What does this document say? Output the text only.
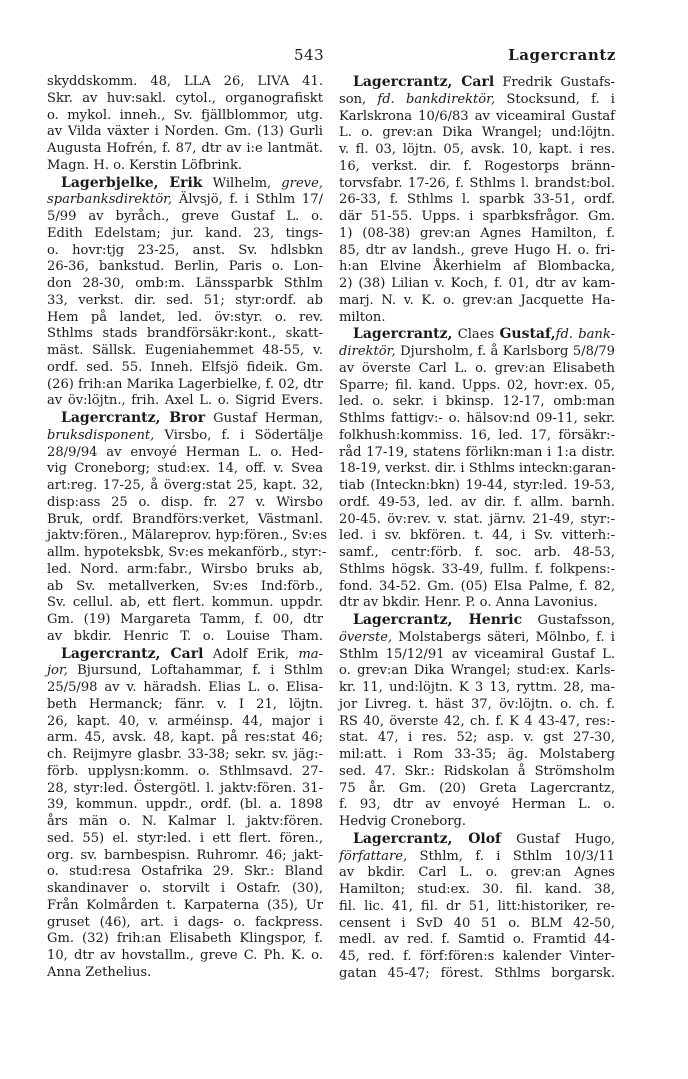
543	Lagercrantz
skyddskomm. 48, LLA 26, LIVA 41.
Skr. av huv:sakl. cytol., organografiskt
o. mykol. inneh., Sv. fjällblommor, utg.
av Vilda växter i Norden. Gm. (13) Gurli
Augusta Hofrén, f. 87, dtr av i:e lantmät.
Magn. H. o. Kerstin Löfbrink.
Lagerbjelke, Erik Wilhelm, greve,
sparbanksdirektör, Älvsjö, f. i Sthlm 17/
5/99 av byråch., greve Gustaf L. o.
Edith Edelstam; jur. kand. 23, tings-
o. hovr:tjg 23-25, anst. Sv. hdlsbkn
26-36, bankstud. Berlin, Paris o. Lon-
don 28-30, omb:m. Länssparbk Sthlm
33, verkst. dir. sed. 51; styr:ordf. ab
Hem på landet, led. öv:styr. o. rev.
Sthlms stads brandförsäkr:kont., skatt-
mäst. Sällsk. Eugeniahemmet 48-55, v.
ordf. sed. 55. Inneh. Elfsjö fideik. Gm.
(26) frih:an Marika Lagerbielke, f. 02, dtr
av öv:löjtn., frih. Axel L. o. Sigrid Evers.
Lagercrantz, Bror Gustaf Herman,
bruksdisponent, Virsbo, f. i Södertälje
28/9/94 av envoyé Herman L. o. Hed-
vig Croneborg; stud:ex. 14, off. v. Svea
art:reg. 17-25, å överg:stat 25, kapt. 32,
disp:ass 25 o. disp. fr. 27 v. Wirsbo
Bruk, ordf. Brandförs:verket, Västmanl.
jaktv:fören., Mälareprov. hyp:fören., Sv:es
allm. hypoteksbk, Sv:es mekanförb., styr:-
led. Nord. arm:fabr., Wirsbo bruks ab,
ab Sv. metallverken, Sv:es Ind:förb.,
Sv. cellul. ab, ett flert. kommun. uppdr.
Gm. (19) Margareta Tamm, f. 00, dtr
av bkdir. Henric T. o. Louise Tham.
Lagercrantz, Carl Adolf Erik, ma-
jor, Bjursund, Loftahammar, f. i Sthlm
25/5/98 av v. häradsh. Elias L. o. Elisa-
beth Hermanck; fänr. v. I 21, löjtn.
26, kapt. 40, v. arméinsp. 44, major i
arm. 45, avsk. 48, kapt. på res:stat 46;
ch. Reijmyre glasbr. 33-38; sekr. sv. jäg:-
förb. upplysn:komm. o. Sthlmsavd. 27-
28, styr:led. Östergötl. l. jaktv:fören. 31-
39, kommun. uppdr., ordf. (bl. a. 1898
års män o. N. Kalmar l. jaktv:fören.
sed. 55) el. styr:led. i ett flert. fören.,
org. sv. barnbespisn. Ruhromr. 46; jakt-
o. stud:resa Ostafrika 29. Skr.: Bland
skandinaver o. storvilt i Ostafr. (30),
Från Kolmården t. Karpaterna (35), Ur
gruset (46), art. i dags- o. fackpress.
Gm. (32) frih:an Elisabeth Klingspor, f.
10, dtr av hovstallm., greve C. Ph. K. o.
Anna Zethelius.
Lagercrantz, Carl Fredrik Gustafs-
son, fd. bankdirektör, Stocksund, f. i
Karlskrona 10/6/83 av viceamiral Gustaf
L. o. grev:an Dika Wrangel; und:löjtn.
v. fl. 03, löjtn. 05, avsk. 10, kapt. i res.
16, verkst. dir. f. Rogestorps bränn-
torvsfabr. 17-26, f. Sthlms l. brandst:bol.
26-33, f. Sthlms l. sparbk 33-51, ordf.
där 51-55. Upps. i sparbksfrågor. Gm.
1) (08-38) grev:an Agnes Hamilton, f.
85, dtr av landsh., greve Hugo H. o. fri-
h:an Elvine Åkerhielm af Blombacka,
2) (38) Lilian v. Koch, f. 01, dtr av kam-
marj. N. v. K. o. grev:an Jacquette Ha-
milton.
Lagercrantz, Claes Gustaf,fd. bank-
direktör, Djursholm, f. å Karlsborg 5/8/79
av överste Carl L. o. grev:an Elisabeth
Sparre; fil. kand. Upps. 02, hovr:ex. 05,
led. o. sekr. i bkinsp. 12-17, omb:man
Sthlms fattigv:- o. hälsov:nd 09-11, sekr.
folkhush:kommiss. 16, led. 17, försäkr:-
råd 17-19, statens förlikn:man i 1:a distr.
18-19, verkst. dir. i Sthlms inteckn:garan-
tiab (Inteckn:bkn) 19-44, styr:led. 19-53,
ordf. 49-53, led. av dir. f. allm. barnh.
20-45. öv:rev. v. stat. järnv. 21-49, styr:-
led. i sv. bkfören. t. 44, i Sv. vitterh:-
samf., centr:förb. f. soc. arb. 48-53,
Sthlms högsk. 33-49, fullm. f. folkpens:-
fond. 34-52. Gm. (05) Elsa Palme, f. 82,
dtr av bkdir. Henr. P. o. Anna Lavonius.
Lagercrantz, Henric Gustafsson,
överste, Molstabergs säteri, Mölnbo, f. i
Sthlm 15/12/91 av viceamiral Gustaf L.
o. grev:an Dika Wrangel; stud:ex. Karls-
kr. 11, und:löjtn. K 3 13, ryttm. 28, ma-
jor Livreg. t. häst 37, öv:löjtn. o. ch. f.
RS 40, överste 42, ch. f. K 4 43-47, res:-
stat. 47, i res. 52; asp. v. gst 27-30,
mil:att. i Rom 33-35; äg. Molstaberg
sed. 47. Skr.: Ridskolan å Strömsholm
75 år. Gm. (20) Greta Lagercrantz,
f. 93, dtr av envoyé Herman L. o.
Hedvig Croneborg.
Lagercrantz, Olof Gustaf Hugo,
författare, Sthlm, f. i Sthlm 10/3/11
av bkdir. Carl L. o. grev:an Agnes
Hamilton; stud:ex. 30. fil. kand. 38,
fil. lic. 41, fil. dr 51, litt:historiker, re-
censent i SvD 40 51 o. BLM 42-50,
medl. av red. f. Samtid o. Framtid 44-
45, red. f. förf:fören:s kalender Vinter-
gatan 45-47; förest. Sthlms borgarsk.
